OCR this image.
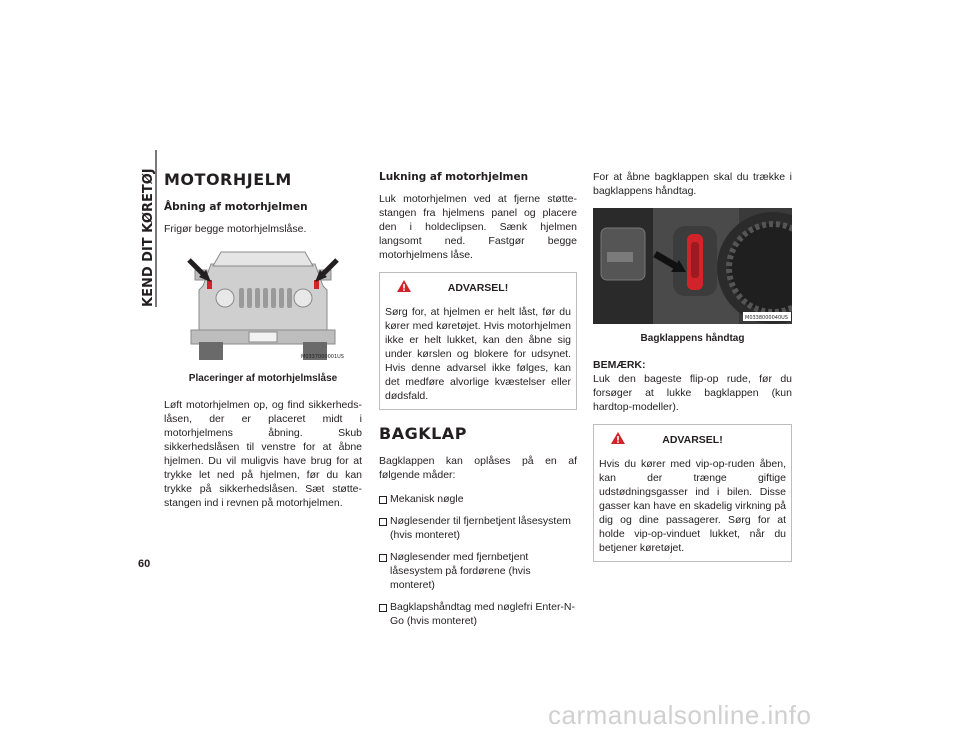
KEND DIT KØRETØJ
60
MOTORHJELM
Åbning af motorhjelmen

Frigør begge motorhjelmslåse.

M0337000001US
Placeringer af motorhjelmslåse

Løft motorhjelmen op, og find sikkerheds-låsen, der er placeret midt i motorhjelmens åbning. Skub sikkerhedslåsen til venstre for at åbne hjelmen. Du vil muligvis have brug for at trykke let ned på hjelmen, før du kan trykke på sikkerhedslåsen. Sæt støtte-stangen ind i revnen på motorhjelmen.

Lukning af motorhjelmen

Luk motorhjelmen ved at fjerne støtte-stangen fra hjelmens panel og placere den i holdeclipsen. Sænk hjelmen langsomt ned. Fastgør begge motorhjelmens låse.

ADVARSEL!
Sørg for, at hjelmen er helt låst, før du kører med køretøjet. Hvis motorhjelmen ikke er helt lukket, kan den åbne sig under kørslen og blokere for udsynet. Hvis denne advarsel ikke følges, kan det medføre alvorlige kvæstelser eller dødsfald.
BAGKLAP

Bagklappen kan oplåses på en af følgende måder:

Mekanisk nøgle
Nøglesender til fjernbetjent låsesystem (hvis monteret)
Nøglesender med fjernbetjent låsesystem på fordørene (hvis monteret)
Bagklapshåndtag med nøglefri Enter-N-Go (hvis monteret)

For at åbne bagklappen skal du trække i bagklappens håndtag.

M0338000040US
Bagklappens håndtag

BEMÆRK:
Luk den bageste flip-op rude, før du forsøger at lukke bagklappen (kun hardtop-modeller).

ADVARSEL!
Hvis du kører med vip-op-ruden åben, kan der trænge giftige udstødningsgasser ind i bilen. Disse gasser kan have en skadelig virkning på dig og dine passagerer. Sørg for at holde vip-op-vinduet lukket, når du betjener køretøjet.
carmanualsonline.info
